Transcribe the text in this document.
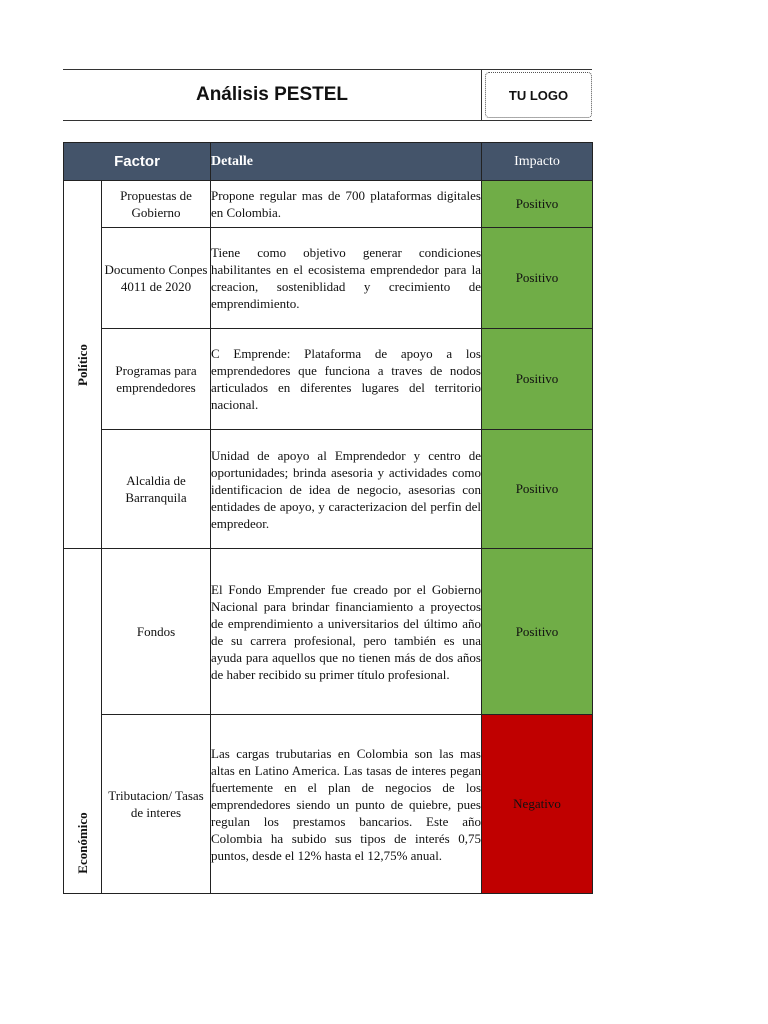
Análisis PESTEL	TU LOGO
Factor		Detalle	Impacto

Político	Propuestas de Gobierno	Propone regular mas de 700 plataformas digitales en Colombia.	Positivo
	Documento Conpes 4011 de 2020	Tiene como objetivo generar condiciones habilitantes en el ecosistema emprendedor para la creacion, sosteniblidad y crecimiento de emprendimiento.	Positivo
	Programas para emprendedores	C Emprende: Plataforma de apoyo a los emprendedores que funciona a traves de nodos articulados en diferentes lugares del territorio nacional.	Positivo
	Alcaldia de Barranquila	Unidad de apoyo al Emprendedor y centro de oportunidades; brinda asesoria y actividades como identificacion de idea de negocio, asesorias con entidades de apoyo, y caracterizacion del perfin del empredeor.	Positivo

Económico	Fondos	El Fondo Emprender fue creado por el Gobierno Nacional para brindar financiamiento a proyectos de emprendimiento a universitarios del último año de su carrera profesional, pero también es una ayuda para aquellos que no tienen más de dos años de haber recibido su primer título profesional.	Positivo
	Tributacion/ Tasas de interes	Las cargas trubutarias en Colombia son las mas altas en Latino America. Las tasas de interes pegan fuertemente en el plan de negocios de los emprendedores siendo un punto de quiebre, pues regulan los prestamos bancarios. Este año Colombia ha subido sus tipos de interés 0,75 puntos, desde el 12% hasta el 12,75% anual.	Negativo
